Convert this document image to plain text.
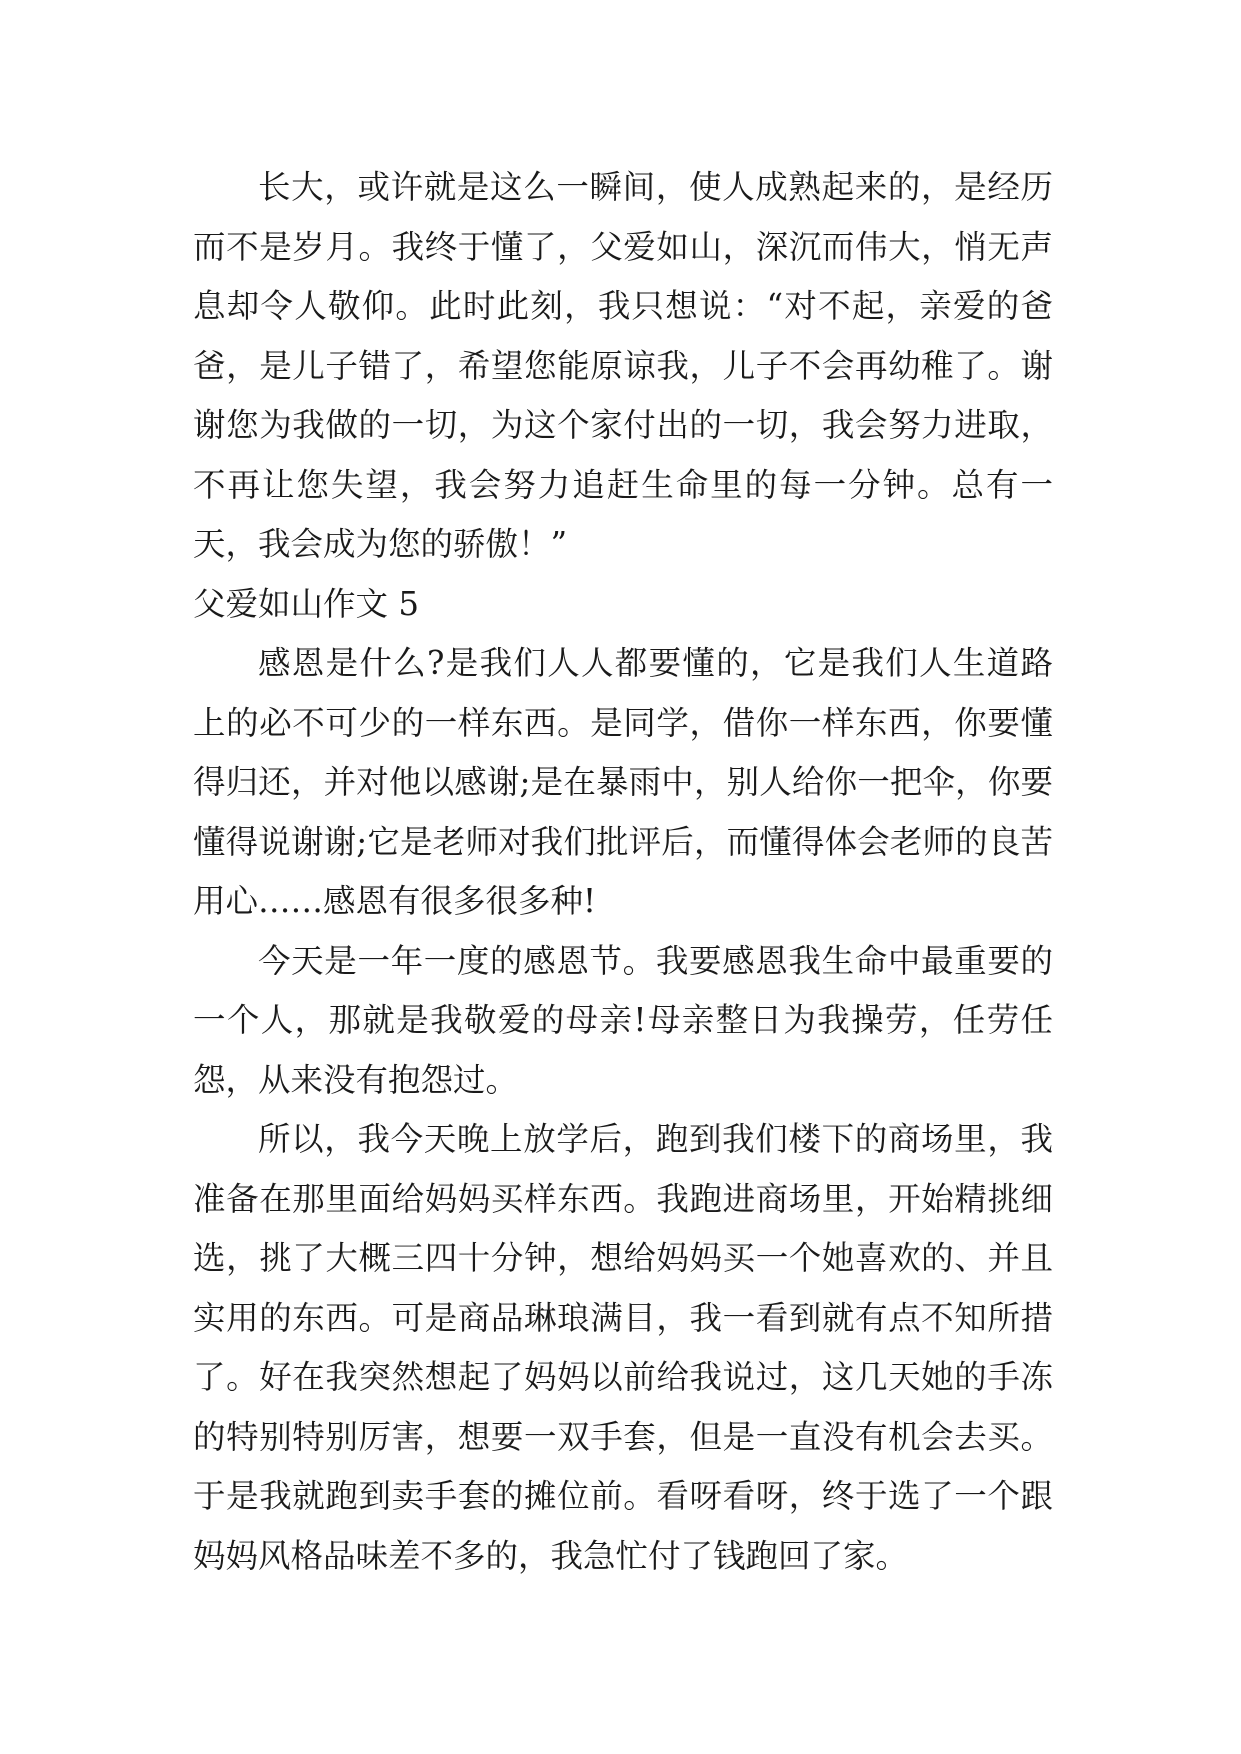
长大，或许就是这么一瞬间，使人成熟起来的，是经历而不是岁月。我终于懂了，父爱如山，深沉而伟大，悄无声息却令人敬仰。此时此刻，我只想说：“对不起，亲爱的爸爸，是儿子错了，希望您能原谅我，儿子不会再幼稚了。谢谢您为我做的一切，为这个家付出的一切，我会努力进取，不再让您失望，我会努力追赶生命里的每一分钟。总有一天，我会成为您的骄傲！”

父爱如山作文 5

感恩是什么?是我们人人都要懂的，它是我们人生道路上的必不可少的一样东西。是同学，借你一样东西，你要懂得归还，并对他以感谢;是在暴雨中，别人给你一把伞，你要懂得说谢谢;它是老师对我们批评后，而懂得体会老师的良苦用心……感恩有很多很多种!

今天是一年一度的感恩节。我要感恩我生命中最重要的一个人，那就是我敬爱的母亲!母亲整日为我操劳，任劳任怨，从来没有抱怨过。

所以，我今天晚上放学后，跑到我们楼下的商场里，我准备在那里面给妈妈买样东西。我跑进商场里，开始精挑细选，挑了大概三四十分钟，想给妈妈买一个她喜欢的、并且实用的东西。可是商品琳琅满目，我一看到就有点不知所措了。好在我突然想起了妈妈以前给我说过，这几天她的手冻的特别特别厉害，想要一双手套，但是一直没有机会去买。于是我就跑到卖手套的摊位前。看呀看呀，终于选了一个跟妈妈风格品味差不多的，我急忙付了钱跑回了家。
